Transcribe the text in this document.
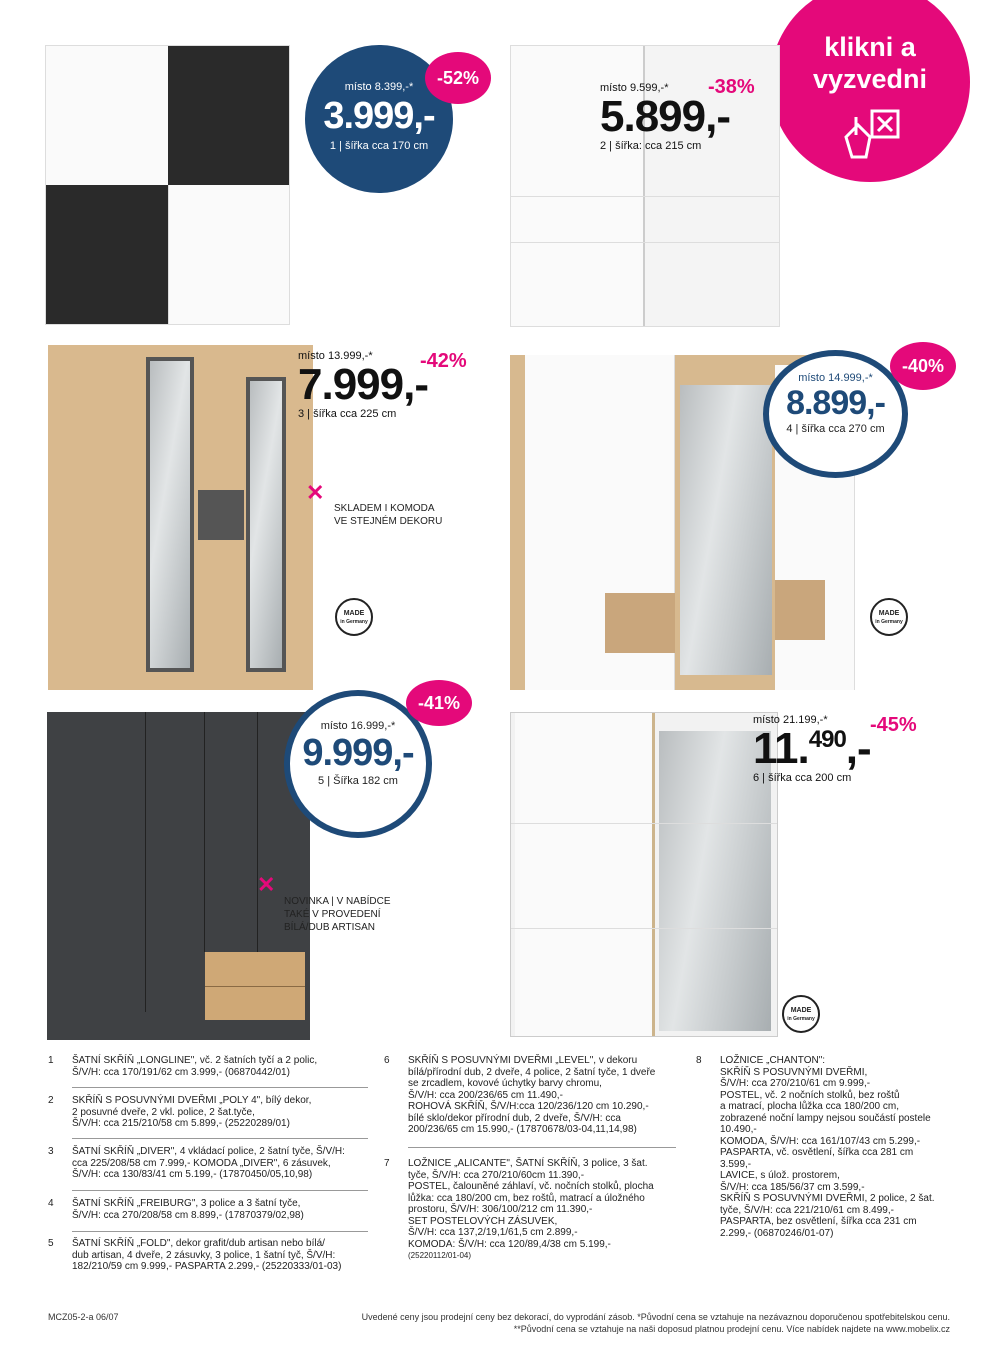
klikni a
vyzvedni
místo 8.399,-*
3.999,-
1 | šířka cca 170 cm
-52%	místo 9.599,-*
5.899,-
2 | šířka: cca 215 cm
-38%
místo 13.999,-*
7.999,-
3 | šířka cca 225 cm
-42%
✕
SKLADEM I KOMODA
VE STEJNÉM DEKORU
MADE
in Germany
místo 14.999,-*
8.899,-
4 | šířka cca 270 cm
-40%
MADE
in Germany
místo 16.999,-*
9.999,-
5 | Šířka 182 cm
-41%
✕
NOVINKA | V NABÍDCE
TAKÉ V PROVEDENÍ
BÍLÁ/DUB ARTISAN
místo 21.199,-*
11.$^{490}$,-
6 | šířka cca 200 cm
-45%
MADE
in Germany
1 ŠATNÍ SKŘÍŇ „LONGLINE", vč. 2 šatních tyčí a 2 polic,
Š/V/H: cca 170/191/62 cm 3.999,- (06870442/01)
2 SKŘÍŇ S POSUVNÝMI DVEŘMI „POLY 4", bílý dekor,
2 posuvné dveře, 2 vkl. police, 2 šat.tyče,
Š/V/H: cca 215/210/58 cm 5.899,- (25220289/01)
3 ŠATNÍ SKŘÍŇ „DIVER", 4 vkládací police, 2 šatní tyče, Š/V/H:
cca 225/208/58 cm 7.999,- KOMODA „DIVER", 6 zásuvek,
Š/V/H: cca 130/83/41 cm 5.199,- (17870450/05,10,98)
4 ŠATNÍ SKŘÍŇ „FREIBURG", 3 police a 3 šatní tyče,
Š/V/H: cca 270/208/58 cm 8.899,- (17870379/02,98)
5 ŠATNÍ SKŘÍŇ „FOLD", dekor grafit/dub artisan nebo bílá/
dub artisan, 4 dveře, 2 zásuvky, 3 police, 1 šatní tyč, Š/V/H:
182/210/59 cm 9.999,- PASPARTA 2.299,- (25220333/01-03)
6 SKŘÍŇ S POSUVNÝMI DVEŘMI „LEVEL", v dekoru
bílá/přírodní dub, 2 dveře, 4 police, 2 šatní tyče, 1 dveře
se zrcadlem, kovové úchytky barvy chromu,
Š/V/H: cca 200/236/65 cm 11.490,-
ROHOVÁ SKŘÍŇ, Š/V/H:cca 120/236/120 cm 10.290,-
bílé sklo/dekor přírodní dub, 2 dveře, Š/V/H: cca
200/236/65 cm 15.990,- (17870678/03-04,11,14,98)
7 LOŽNICE „ALICANTE", ŠATNÍ SKŘÍŇ, 3 police, 3 šat.
tyče, Š/V/H: cca 270/210/60cm 11.390,-
POSTEL, čalouněné záhlaví, vč. nočních stolků, plocha
lůžka: cca 180/200 cm, bez roštů, matrací a úložného
prostoru, Š/V/H: 306/100/212 cm 11.390,-
SET POSTELOVÝCH ZÁSUVEK,
Š/V/H: cca 137,2/19,1/61,5 cm 2.899,-
KOMODA: Š/V/H: cca 120/89,4/38 cm 5.199,-
(25220112/01-04)
8 LOŽNICE „CHANTON":
SKŘÍŇ S POSUVNÝMI DVEŘMI,
Š/V/H: cca 270/210/61 cm 9.999,-
POSTEL, vč. 2 nočních stolků, bez roštů
a matrací, plocha lůžka cca 180/200 cm,
zobrazené noční lampy nejsou součástí postele
10.490,-
KOMODA, Š/V/H: cca 161/107/43 cm 5.299,-
PASPARTA, vč. osvětlení, šířka cca 281 cm
3.599,-
LAVICE, s úlož. prostorem,
Š/V/H: cca 185/56/37 cm 3.599,-
SKŘÍŇ S POSUVNÝMI DVEŘMI, 2 police, 2 šat.
tyče, Š/V/H: cca 221/210/61 cm 8.499,-
PASPARTA, bez osvětlení, šířka cca 231 cm
2.299,- (06870246/01-07)
MCZ05-2-a 06/07	Uvedené ceny jsou prodejní ceny bez dekorací, do vyprodání zásob. *Původní cena se vztahuje na nezávaznou doporučenou spotřebitelskou cenu.
**Původní cena se vztahuje na naši doposud platnou prodejní cenu. Více nabídek najdete na www.mobelix.cz
